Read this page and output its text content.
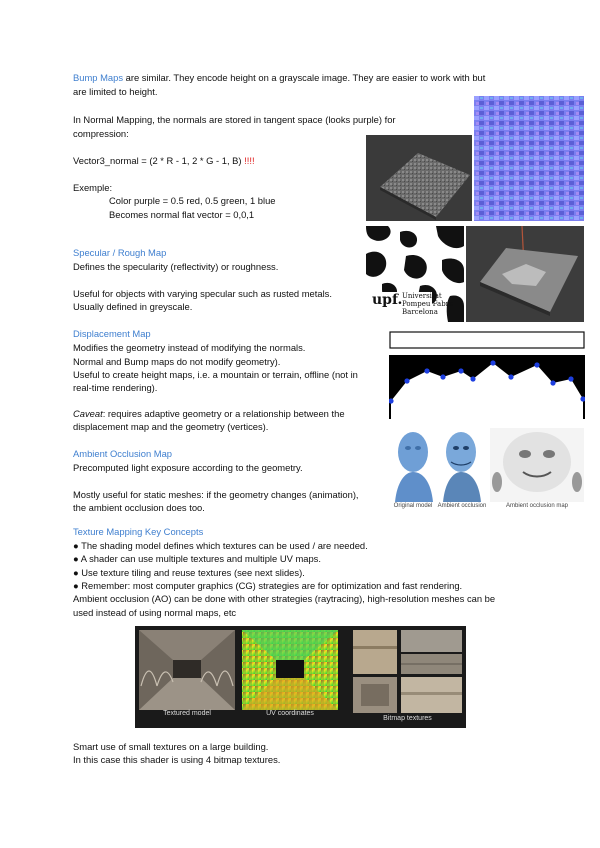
Bump Maps are similar. They encode height on a grayscale image. They are easier to work with but

are limited to height.

In Normal Mapping, the normals are stored in tangent space (looks purple) for

compression:

Vector3_normal = (2 * R - 1, 2 * G - 1, B) !!!!

Exemple:

Color purple = 0.5 red, 0.5 green, 1 blue

Becomes normal flat vector = 0,0,1

Specular / Rough Map

Defines the specularity (reflectivity) or roughness.

Useful for objects with varying specular such as rusted metals.

Usually defined in greyscale.	upf. Universitat
Pompeu Fabra
Barcelona

Displacement Map

Modifies the geometry instead of modifying the normals.

Normal and Bump maps do not modify geometry).

Useful to create height maps, i.e. a mountain or terrain, offline (not in

real-time rendering).

Caveat: requires adaptive geometry or a relationship between the

displacement map and the geometry (vertices).

Ambient Occlusion Map

Precomputed light exposure according to the geometry.

Mostly useful for static meshes: if the geometry changes (animation),

the ambient occlusion does too.	Original model Ambient occlusion	Ambient occlusion map

Texture Mapping Key Concepts

● The shading model defines which textures can be used / are needed.

● A shader can use multiple textures and multiple UV maps.

● Use texture tiling and reuse textures (see next slides).

● Remember: most computer graphics (CG) strategies are for optimization and fast rendering.

Ambient occlusion (AO) can be done with other strategies (raytracing), high-resolution meshes can be

used instead of using normal maps, etc

Textured model	UV coordinates
Bitmap textures

Smart use of small textures on a large building.

In this case this shader is using 4 bitmap textures.
